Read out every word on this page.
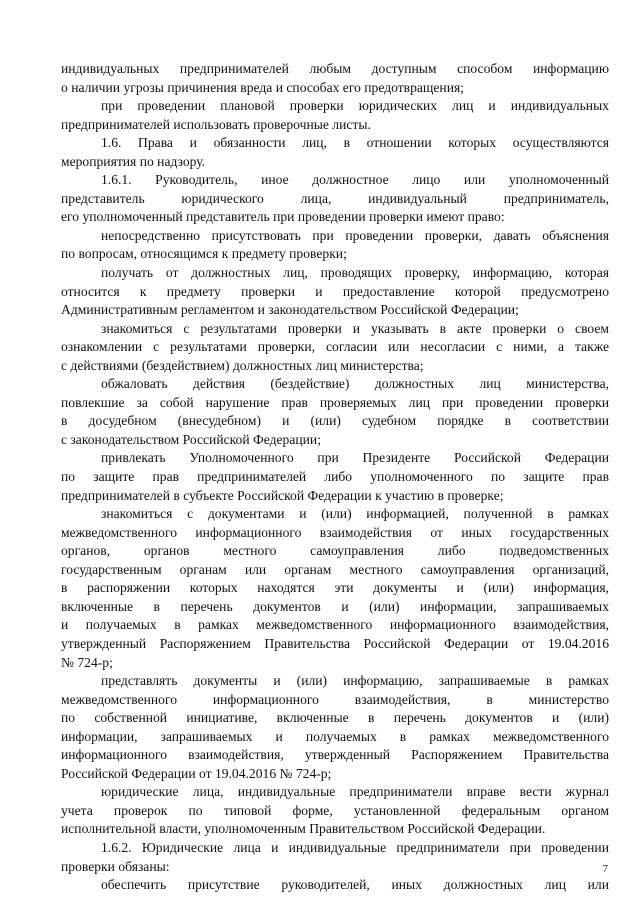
индивидуальных предпринимателей любым доступным способом информацию
о наличии угрозы причинения вреда и способах его предотвращения;
при проведении плановой проверки юридических лиц и индивидуальных
предпринимателей использовать проверочные листы.
1.6. Права и обязанности лиц, в отношении которых осуществляются
мероприятия по надзору.
1.6.1. Руководитель, иное должностное лицо или уполномоченный
представитель юридического лица, индивидуальный предприниматель,
его уполномоченный представитель при проведении проверки имеют право:
непосредственно присутствовать при проведении проверки, давать объяснения
по вопросам, относящимся к предмету проверки;
получать от должностных лиц, проводящих проверку, информацию, которая
относится к предмету проверки и предоставление которой предусмотрено
Административным регламентом и законодательством Российской Федерации;
знакомиться с результатами проверки и указывать в акте проверки о своем
ознакомлении с результатами проверки, согласии или несогласии с ними, а также
с действиями (бездействием) должностных лиц министерства;
обжаловать действия (бездействие) должностных лиц министерства,
повлекшие за собой нарушение прав проверяемых лиц при проведении проверки
в досудебном (внесудебном) и (или) судебном порядке в соответствии
с законодательством Российской Федерации;
привлекать Уполномоченного при Президенте Российской Федерации
по защите прав предпринимателей либо уполномоченного по защите прав
предпринимателей в субъекте Российской Федерации к участию в проверке;
знакомиться с документами и (или) информацией, полученной в рамках
межведомственного информационного взаимодействия от иных государственных
органов, органов местного самоуправления либо подведомственных
государственным органам или органам местного самоуправления организаций,
в распоряжении которых находятся эти документы и (или) информация,
включенные в перечень документов и (или) информации, запрашиваемых
и получаемых в рамках межведомственного информационного взаимодействия,
утвержденный Распоряжением Правительства Российской Федерации от 19.04.2016
№ 724-р;
представлять документы и (или) информацию, запрашиваемые в рамках
межведомственного информационного взаимодействия, в министерство
по собственной инициативе, включенные в перечень документов и (или)
информации, запрашиваемых и получаемых в рамках межведомственного
информационного взаимодействия, утвержденный Распоряжением Правительства
Российской Федерации от 19.04.2016 № 724-р;
юридические лица, индивидуальные предприниматели вправе вести журнал
учета проверок по типовой форме, установленной федеральным органом
исполнительной власти, уполномоченным Правительством Российской Федерации.
1.6.2. Юридические лица и индивидуальные предприниматели при проведении
проверки обязаны:
обеспечить присутствие руководителей, иных должностных лиц или
7
